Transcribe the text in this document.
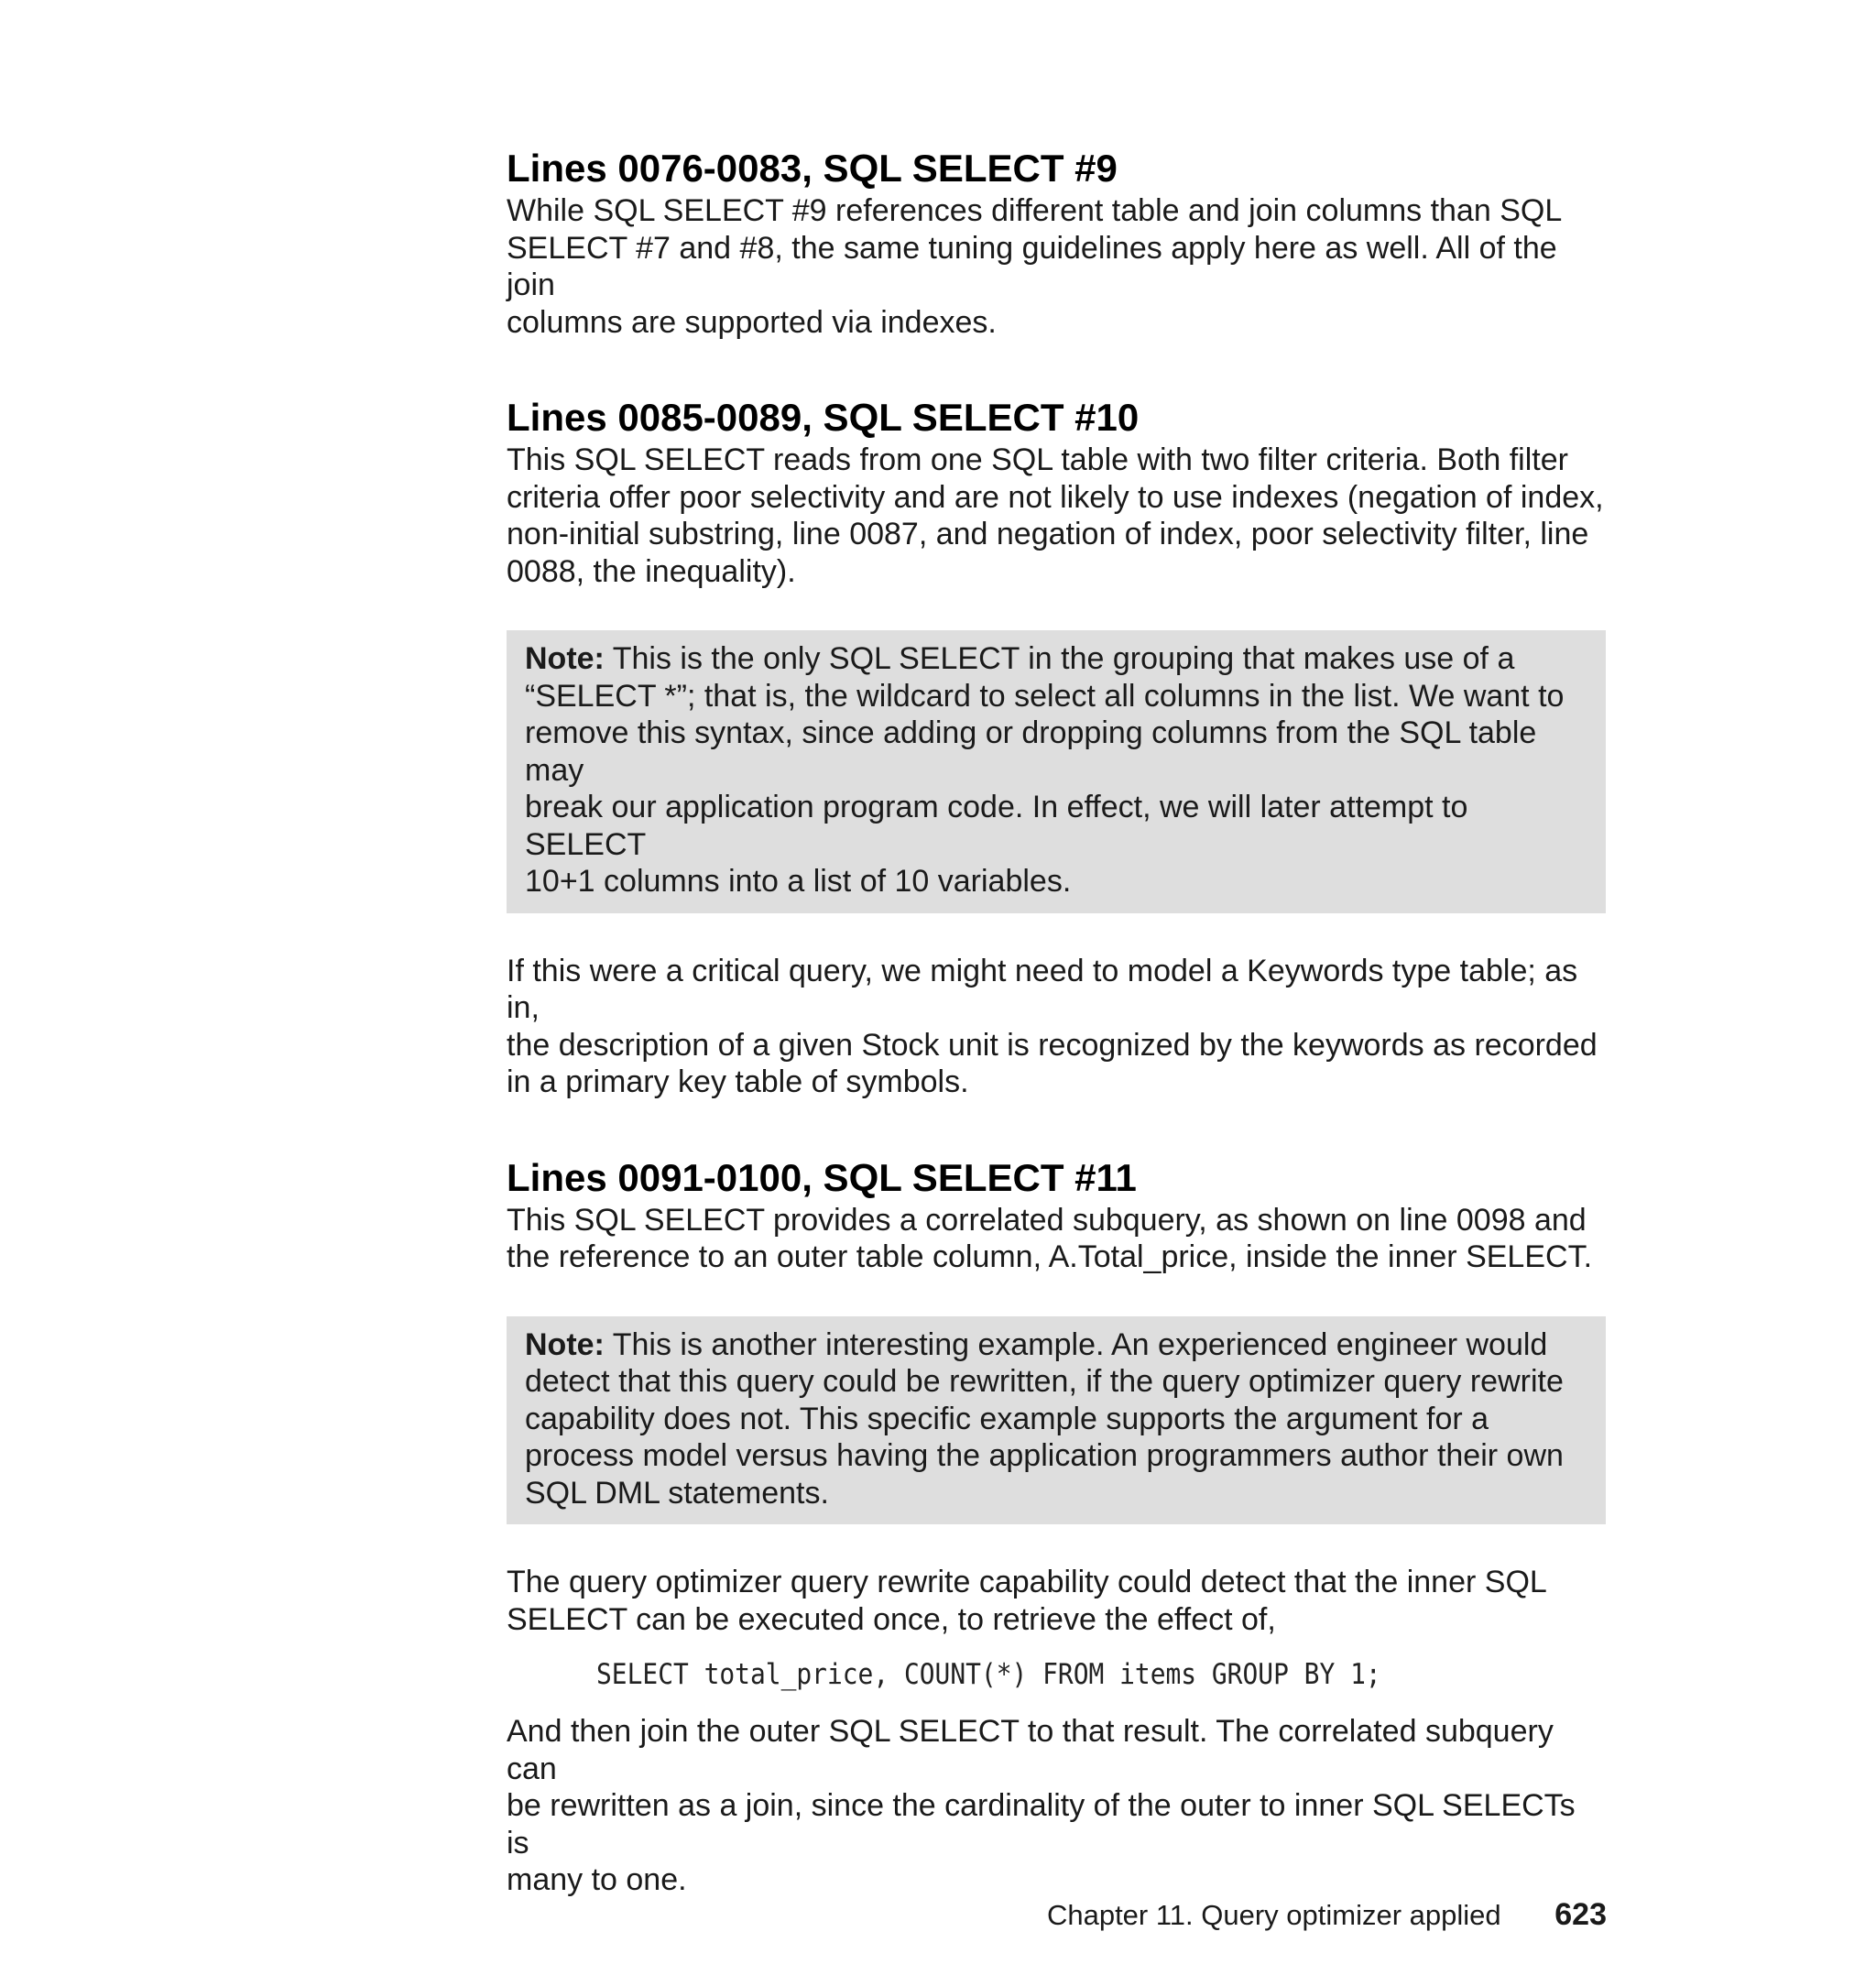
Lines 0076-0083, SQL SELECT #9

While SQL SELECT #9 references different table and join columns than SQL
SELECT #7 and #8, the same tuning guidelines apply here as well. All of the join
columns are supported via indexes.

Lines 0085-0089, SQL SELECT #10

This SQL SELECT reads from one SQL table with two filter criteria. Both filter
criteria offer poor selectivity and are not likely to use indexes (negation of index,
non-initial substring, line 0087, and negation of index, poor selectivity filter, line
0088, the inequality).

Note: This is the only SQL SELECT in the grouping that makes use of a
“SELECT *”; that is, the wildcard to select all columns in the list. We want to
remove this syntax, since adding or dropping columns from the SQL table may
break our application program code. In effect, we will later attempt to SELECT
10+1 columns into a list of 10 variables.

If this were a critical query, we might need to model a Keywords type table; as in,
the description of a given Stock unit is recognized by the keywords as recorded
in a primary key table of symbols.

Lines 0091-0100, SQL SELECT #11

This SQL SELECT provides a correlated subquery, as shown on line 0098 and
the reference to an outer table column, A.Total_price, inside the inner SELECT.

Note: This is another interesting example. An experienced engineer would
detect that this query could be rewritten, if the query optimizer query rewrite
capability does not. This specific example supports the argument for a
process model versus having the application programmers author their own
SQL DML statements.

The query optimizer query rewrite capability could detect that the inner SQL
SELECT can be executed once, to retrieve the effect of,

SELECT total_price, COUNT(*) FROM items GROUP BY 1;

And then join the outer SQL SELECT to that result. The correlated subquery can
be rewritten as a join, since the cardinality of the outer to inner SQL SELECTs is
many to one.

Chapter 11. Query optimizer applied 623
